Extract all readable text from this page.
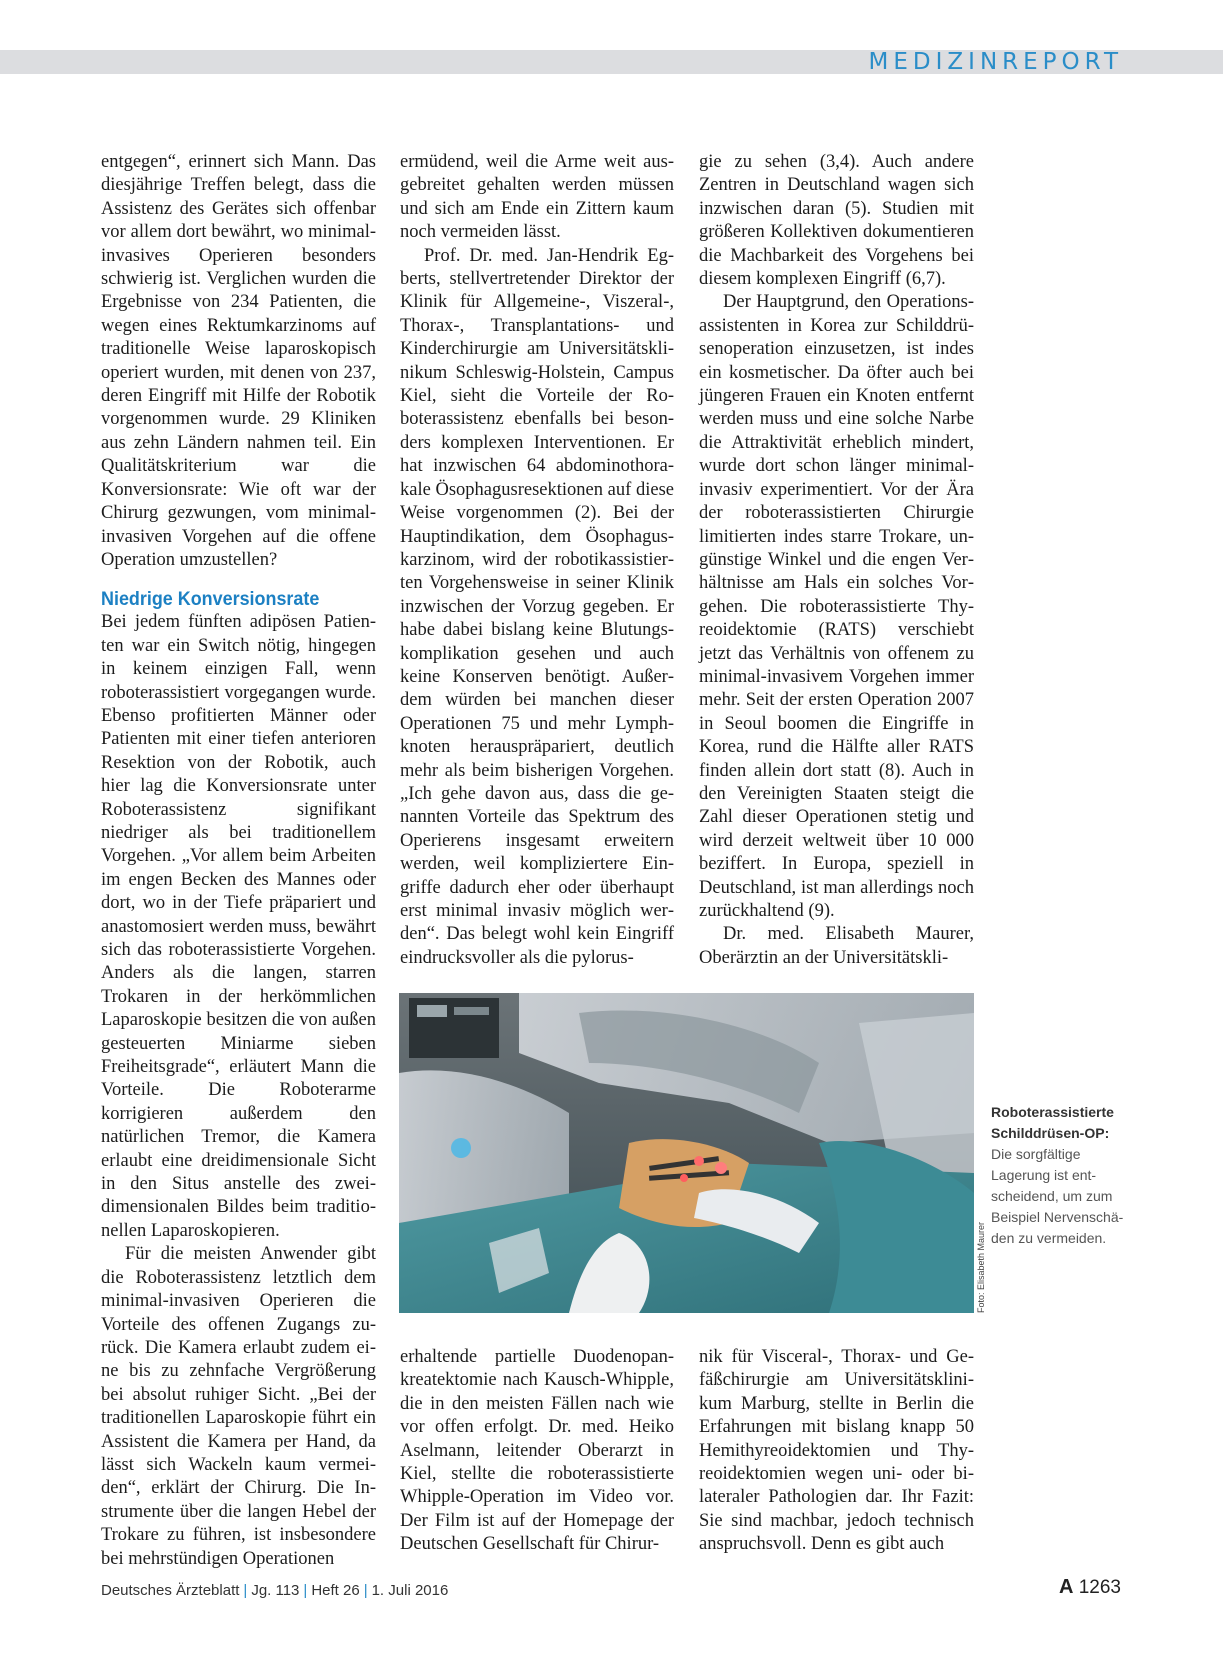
MEDIZINREPORT

entgegen“, erinnert sich Mann. Das diesjährige Treffen belegt, dass die Assistenz des Gerätes sich offenbar vor allem dort bewährt, wo minimal-invasives Operieren besonders schwierig ist. Verglichen wurden die Ergebnisse von 234 Patienten, die wegen eines Rektumkarzinoms auf traditionelle Weise laparoskopisch operiert wurden, mit denen von 237, deren Eingriff mit Hilfe der Robotik vorgenommen wurde. 29 Kliniken aus zehn Ländern nahmen teil. Ein Qualitätskriterium war die Konversionsrate: Wie oft war der Chirurg gezwungen, vom minimal-invasiven Vorgehen auf die offene Operation umzustellen?

Niedrige Konversionsrate

Bei jedem fünften adipösen Patienten war ein Switch nötig, hingegen in keinem einzigen Fall, wenn roboterassistiert vorgegangen wurde. Ebenso profitierten Männer oder Patienten mit einer tiefen anterioren Resektion von der Robotik, auch hier lag die Konversionsrate unter Roboterassistenz signifikant niedriger als bei traditionellem Vorgehen. „Vor allem beim Arbeiten im engen Becken des Mannes oder dort, wo in der Tiefe präpariert und anastomosiert werden muss, bewährt sich das roboterassistierte Vorgehen. Anders als die langen, starren Trokaren in der herkömmlichen Laparoskopie besitzen die von außen gesteuerten Miniarme sieben Freiheitsgrade“, erläutert Mann die Vorteile. Die Roboterarme korrigieren außerdem den natürlichen Tremor, die Kamera erlaubt eine dreidimensionale Sicht in den Situs anstelle des zweidimensionalen Bildes beim traditionellen Laparoskopieren.

Für die meisten Anwender gibt die Roboterassistenz letztlich dem minimal-invasiven Operieren die Vorteile des offenen Zugangs zurück. Die Kamera erlaubt zudem eine bis zu zehnfache Vergrößerung bei absolut ruhiger Sicht. „Bei der traditionellen Laparoskopie führt ein Assistent die Kamera per Hand, da lässt sich Wackeln kaum vermeiden“, erklärt der Chirurg. Die Instrumente über die langen Hebel der Trokare zu führen, ist insbesondere bei mehrstündigen Operationen

ermüdend, weil die Arme weit ausgebreitet gehalten werden müssen und sich am Ende ein Zittern kaum noch vermeiden lässt.

Prof. Dr. med. Jan-Hendrik Egberts, stellvertretender Direktor der Klinik für Allgemeine-, Viszeral-, Thorax-, Transplantations- und Kinderchirurgie am Universitätsklinikum Schleswig-Holstein, Campus Kiel, sieht die Vorteile der Roboterassistenz ebenfalls bei besonders komplexen Interventionen. Er hat inzwischen 64 abdominothorakale Ösophagusresektionen auf diese Weise vorgenommen (2). Bei der Hauptindikation, dem Ösophaguskarzinom, wird der robotikassistierten Vorgehensweise in seiner Klinik inzwischen der Vorzug gegeben. Er habe dabei bislang keine Blutungskomplikation gesehen und auch keine Konserven benötigt. Außerdem würden bei manchen dieser Operationen 75 und mehr Lymphknoten herauspräpariert, deutlich mehr als beim bisherigen Vorgehen. „Ich gehe davon aus, dass die genannten Vorteile das Spektrum des Operierens insgesamt erweitern werden, weil kompliziertere Eingriffe dadurch eher oder überhaupt erst minimal invasiv möglich werden“. Das belegt wohl kein Eingriff eindrucksvoller als die pylorus-

gie zu sehen (3,4). Auch andere Zentren in Deutschland wagen sich inzwischen daran (5). Studien mit größeren Kollektiven dokumentieren die Machbarkeit des Vorgehens bei diesem komplexen Eingriff (6,7).

Der Hauptgrund, den Operationsassistenten in Korea zur Schilddrüsenoperation einzusetzen, ist indes ein kosmetischer. Da öfter auch bei jüngeren Frauen ein Knoten entfernt werden muss und eine solche Narbe die Attraktivität erheblich mindert, wurde dort schon länger minimalinvasiv experimentiert. Vor der Ära der roboterassistierten Chirurgie limitierten indes starre Trokare, ungünstige Winkel und die engen Verhältnisse am Hals ein solches Vorgehen. Die roboterassistierte Thyreoidektomie (RATS) verschiebt jetzt das Verhältnis von offenem zu minimal-invasivem Vorgehen immer mehr. Seit der ersten Operation 2007 in Seoul boomen die Eingriffe in Korea, rund die Hälfte aller RATS finden allein dort statt (8). Auch in den Vereinigten Staaten steigt die Zahl dieser Operationen stetig und wird derzeit weltweit über 10 000 beziffert. In Europa, speziell in Deutschland, ist man allerdings noch zurückhaltend (9).

Dr. med. Elisabeth Maurer, Oberärztin an der Universitätskli-

Foto: Elisabeth Maurer
Roboterassistierte Schilddrüsen-OP:
Die sorgfältige Lagerung ist entscheidend, um zum Beispiel Nervenschäden zu vermeiden.

erhaltende partielle Duodenopankreatektomie nach Kausch-Whipple, die in den meisten Fällen nach wie vor offen erfolgt. Dr. med. Heiko Aselmann, leitender Oberarzt in Kiel, stellte die roboterassistierte Whipple-Operation im Video vor. Der Film ist auf der Homepage der Deutschen Gesellschaft für Chirur-

nik für Visceral-, Thorax- und Gefäßchirurgie am Universitätsklinikum Marburg, stellte in Berlin die Erfahrungen mit bislang knapp 50 Hemithyreoidektomien und Thyreoidektomien wegen uni- oder bilateraler Pathologien dar. Ihr Fazit: Sie sind machbar, jedoch technisch anspruchsvoll. Denn es gibt auch

Deutsches Ärzteblatt | Jg. 113 | Heft 26 | 1. Juli 2016	A 1263
